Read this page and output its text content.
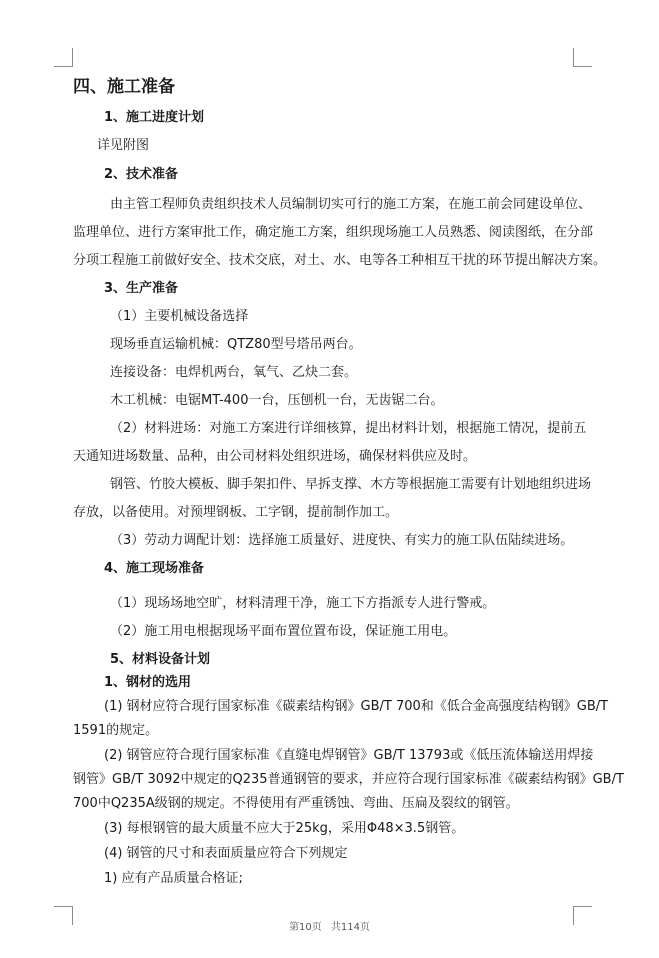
四、施工准备
1、施工进度计划
详见附图
2、技术准备
由主管工程师负责组织技术人员编制切实可行的施工方案，在施工前会同建设单位、
监理单位、进行方案审批工作，确定施工方案，组织现场施工人员熟悉、阅读图纸，在分部
分项工程施工前做好安全、技术交底，对土、水、电等各工种相互干扰的环节提出解决方案。
3、生产准备
（1）主要机械设备选择
现场垂直运输机械：QTZ80型号塔吊两台。
连接设备：电焊机两台，氧气、乙炔二套。
木工机械：电锯MT-400一台，压刨机一台，无齿锯二台。
（2）材料进场：对施工方案进行详细核算，提出材料计划，根据施工情况，提前五
天通知进场数量、品种，由公司材料处组织进场，确保材料供应及时。
钢管、竹胶大模板、脚手架扣件、早拆支撑、木方等根据施工需要有计划地组织进场
存放，以备使用。对预埋钢板、工字钢，提前制作加工。
（3）劳动力调配计划：选择施工质量好、进度快、有实力的施工队伍陆续进场。
4、施工现场准备
（1）现场场地空旷，材料清理干净，施工下方指派专人进行警戒。
（2）施工用电根据现场平面布置位置布设，保证施工用电。
5、材料设备计划
1、钢材的选用
(1) 钢材应符合现行国家标准《碳素结构钢》GB/T 700和《低合金高强度结构钢》GB/T
1591的规定。
(2) 钢管应符合现行国家标准《直缝电焊钢管》GB/T 13793或《低压流体输送用焊接
钢管》GB/T 3092中规定的Q235普通钢管的要求，并应符合现行国家标准《碳素结构钢》GB/T
700中Q235A级钢的规定。不得使用有严重锈蚀、弯曲、压扁及裂纹的钢管。
(3) 每根钢管的最大质量不应大于25kg，采用Φ48×3.5钢管。
(4) 钢管的尺寸和表面质量应符合下列规定
1) 应有产品质量合格证;
第10页 共114页
